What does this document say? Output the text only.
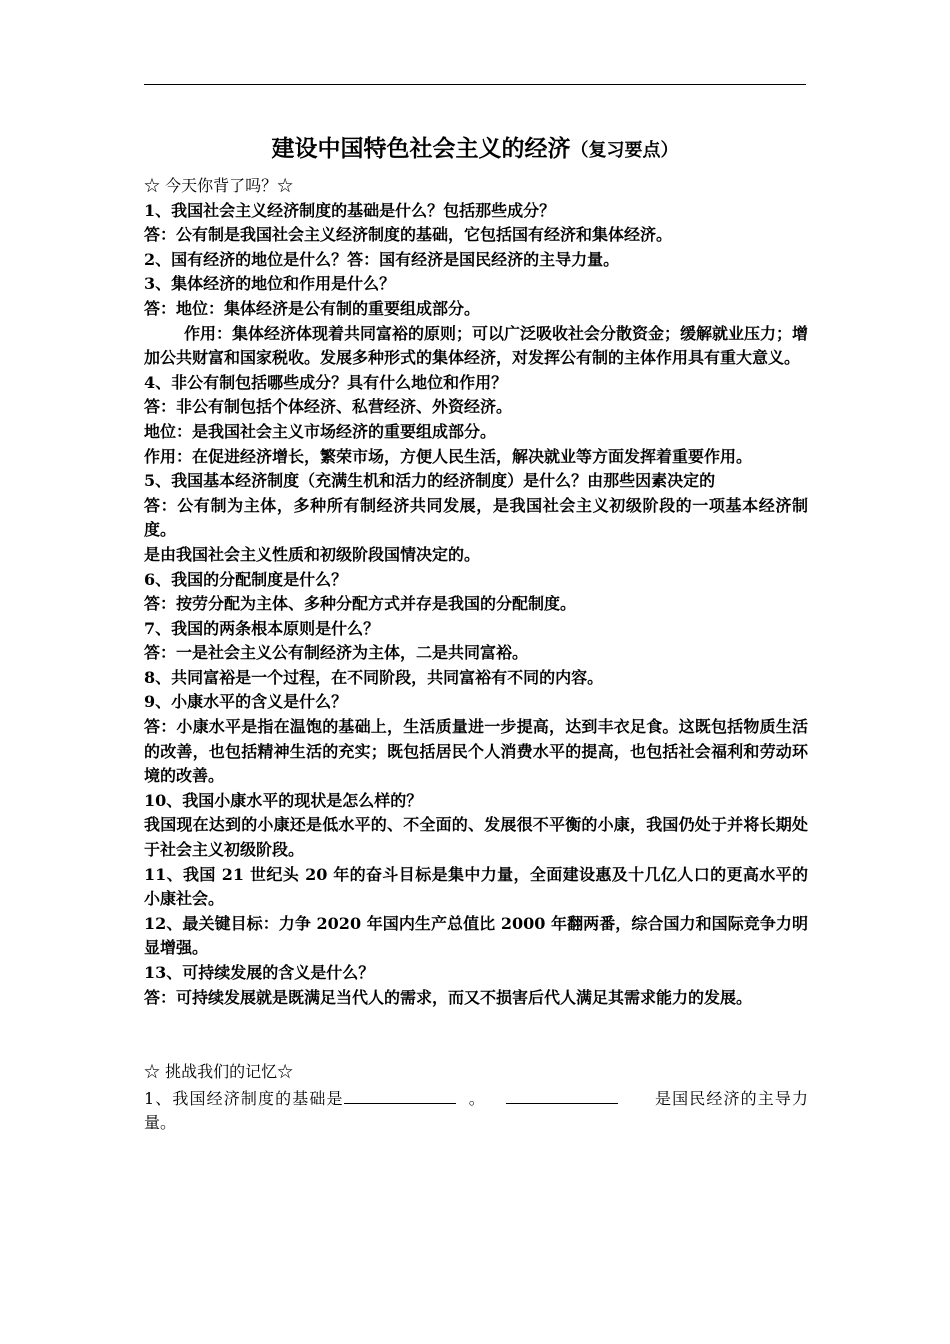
建设中国特色社会主义的经济（复习要点）
☆ 今天你背了吗？☆
1、我国社会主义经济制度的基础是什么？包括那些成分？
答：公有制是我国社会主义经济制度的基础，它包括国有经济和集体经济。
2、国有经济的地位是什么？答：国有经济是国民经济的主导力量。
3、集体经济的地位和作用是什么？
答：地位：集体经济是公有制的重要组成部分。
作用：集体经济体现着共同富裕的原则；可以广泛吸收社会分散资金；缓解就业压力；增加公共财富和国家税收。发展多种形式的集体经济，对发挥公有制的主体作用具有重大意义。
4、非公有制包括哪些成分？具有什么地位和作用？
答：非公有制包括个体经济、私营经济、外资经济。
地位：是我国社会主义市场经济的重要组成部分。
作用：在促进经济增长，繁荣市场，方便人民生活，解决就业等方面发挥着重要作用。
5、我国基本经济制度（充满生机和活力的经济制度）是什么？由那些因素决定的
答：公有制为主体，多种所有制经济共同发展，是我国社会主义初级阶段的一项基本经济制度。
是由我国社会主义性质和初级阶段国情决定的。
6、我国的分配制度是什么？
答：按劳分配为主体、多种分配方式并存是我国的分配制度。
7、我国的两条根本原则是什么？
答：一是社会主义公有制经济为主体，二是共同富裕。
8、共同富裕是一个过程，在不同阶段，共同富裕有不同的内容。
9、小康水平的含义是什么？
答：小康水平是指在温饱的基础上，生活质量进一步提高，达到丰衣足食。这既包括物质生活的改善，也包括精神生活的充实；既包括居民个人消费水平的提高，也包括社会福利和劳动环境的改善。
10、我国小康水平的现状是怎么样的？
我国现在达到的小康还是低水平的、不全面的、发展很不平衡的小康，我国仍处于并将长期处于社会主义初级阶段。
11、我国 21 世纪头 20 年的奋斗目标是集中力量，全面建设惠及十几亿人口的更高水平的小康社会。
12、最关键目标：力争 2020 年国内生产总值比 2000 年翻两番，综合国力和国际竞争力明显增强。
13、可持续发展的含义是什么？
答：可持续发展就是既满足当代人的需求，而又不损害后代人满足其需求能力的发展。
☆ 挑战我们的记忆☆
1、我国经济制度的基础是	。	是国民经济的主导力量。
